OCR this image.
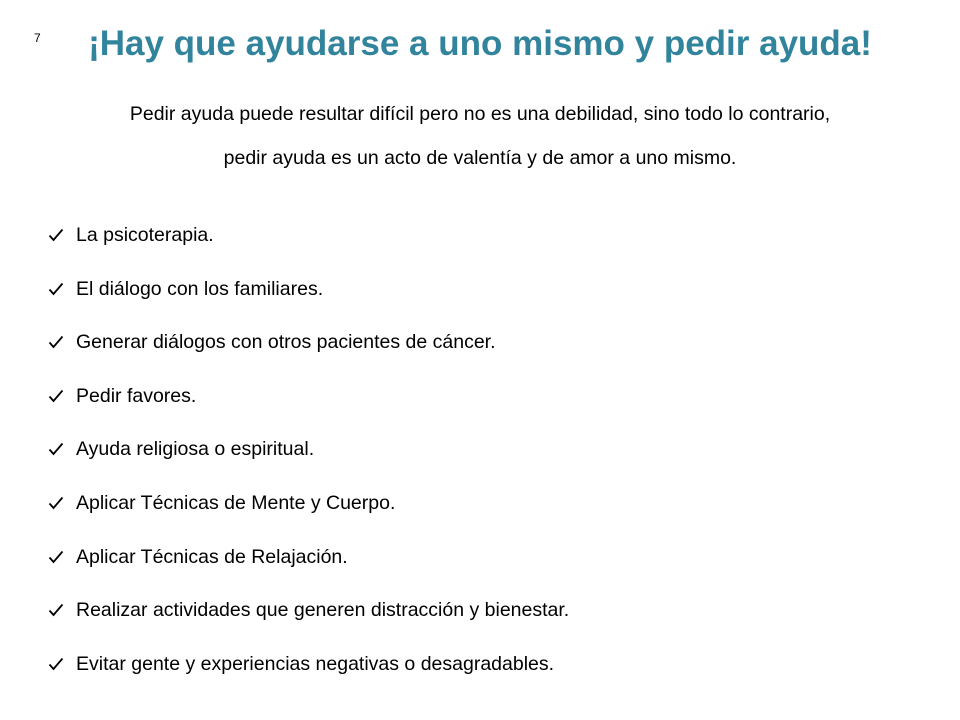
7 ¡Hay que ayudarse a uno mismo y pedir ayuda!

Pedir ayuda puede resultar difícil pero no es una debilidad, sino todo lo contrario,
pedir ayuda es un acto de valentía y de amor a uno mismo.

La psicoterapia.
El diálogo con los familiares.
Generar diálogos con otros pacientes de cáncer.
Pedir favores.
Ayuda religiosa o espiritual.
Aplicar Técnicas de Mente y Cuerpo.
Aplicar Técnicas de Relajación.
Realizar actividades que generen distracción y bienestar.
Evitar gente y experiencias negativas o desagradables.
